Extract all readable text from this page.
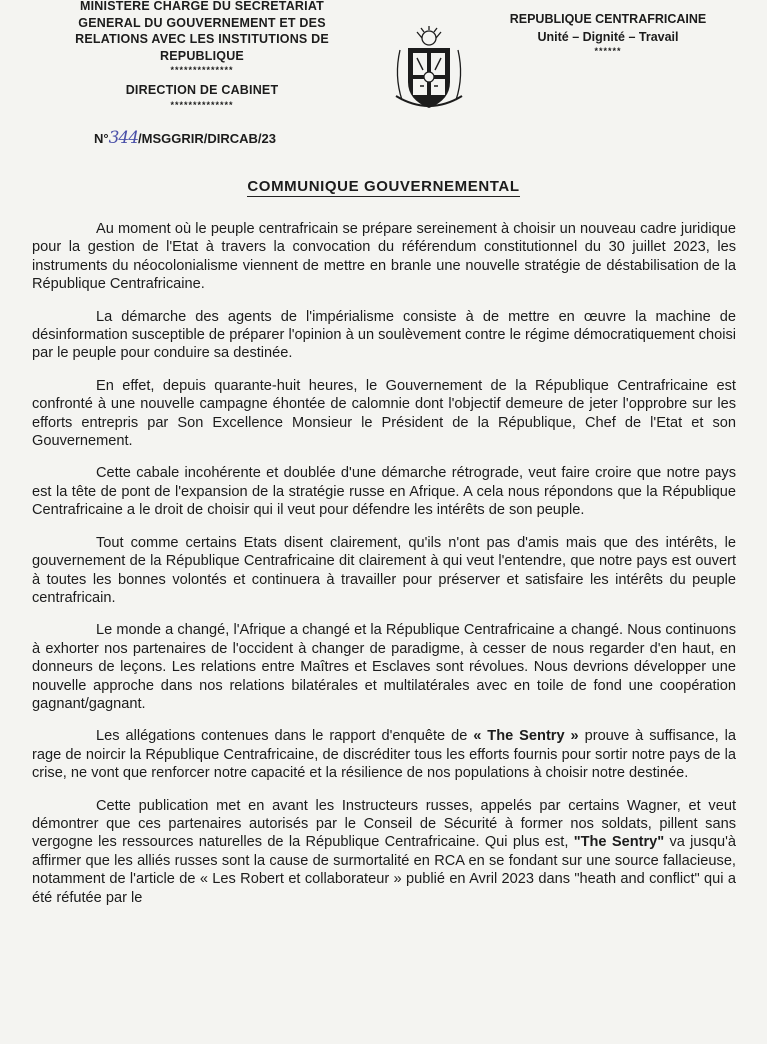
MINISTERE CHARGE DU SECRETARIAT
GENERAL DU GOUVERNEMENT ET DES
RELATIONS AVEC LES INSTITUTIONS DE
REPUBLIQUE
**************
DIRECTION DE CABINET
**************
N°344/MSGGRIR/DIRCAB/23
REPUBLIQUE CENTRAFRICAINE
Unité – Dignité – Travail
******
COMMUNIQUE GOUVERNEMENTAL

Au moment où le peuple centrafricain se prépare sereinement à choisir un nouveau cadre juridique pour la gestion de l'Etat à travers la convocation du référendum constitutionnel du 30 juillet 2023, les instruments du néocolonialisme viennent de mettre en branle une nouvelle stratégie de déstabilisation de la République Centrafricaine.

La démarche des agents de l'impérialisme consiste à de mettre en œuvre la machine de désinformation susceptible de préparer l'opinion à un soulèvement contre le régime démocratiquement choisi par le peuple pour conduire sa destinée.

En effet, depuis quarante-huit heures, le Gouvernement de la République Centrafricaine est confronté à une nouvelle campagne éhontée de calomnie dont l'objectif demeure de jeter l'opprobre sur les efforts entrepris par Son Excellence Monsieur le Président de la République, Chef de l'Etat et son Gouvernement.

Cette cabale incohérente et doublée d'une démarche rétrograde, veut faire croire que notre pays est la tête de pont de l'expansion de la stratégie russe en Afrique. A cela nous répondons que la République Centrafricaine a le droit de choisir qui il veut pour défendre les intérêts de son peuple.

Tout comme certains Etats disent clairement, qu'ils n'ont pas d'amis mais que des intérêts, le gouvernement de la République Centrafricaine dit clairement à qui veut l'entendre, que notre pays est ouvert à toutes les bonnes volontés et continuera à travailler pour préserver et satisfaire les intérêts du peuple centrafricain.

Le monde a changé, l'Afrique a changé et la République Centrafricaine a changé. Nous continuons à exhorter nos partenaires de l'occident à changer de paradigme, à cesser de nous regarder d'en haut, en donneurs de leçons. Les relations entre Maîtres et Esclaves sont révolues. Nous devrions développer une nouvelle approche dans nos relations bilatérales et multilatérales avec en toile de fond une coopération gagnant/gagnant.

Les allégations contenues dans le rapport d'enquête de « The Sentry » prouve à suffisance, la rage de noircir la République Centrafricaine, de discréditer tous les efforts fournis pour sortir notre pays de la crise, ne vont que renforcer notre capacité et la résilience de nos populations à choisir notre destinée.

Cette publication met en avant les Instructeurs russes, appelés par certains Wagner, et veut démontrer que ces partenaires autorisés par le Conseil de Sécurité à former nos soldats, pillent sans vergogne les ressources naturelles de la République Centrafricaine. Qui plus est, "The Sentry" va jusqu'à affirmer que les alliés russes sont la cause de surmortalité en RCA en se fondant sur une source fallacieuse, notamment de l'article de « Les Robert et collaborateur » publié en Avril 2023 dans "heath and conflict" qui a été réfutée par le
